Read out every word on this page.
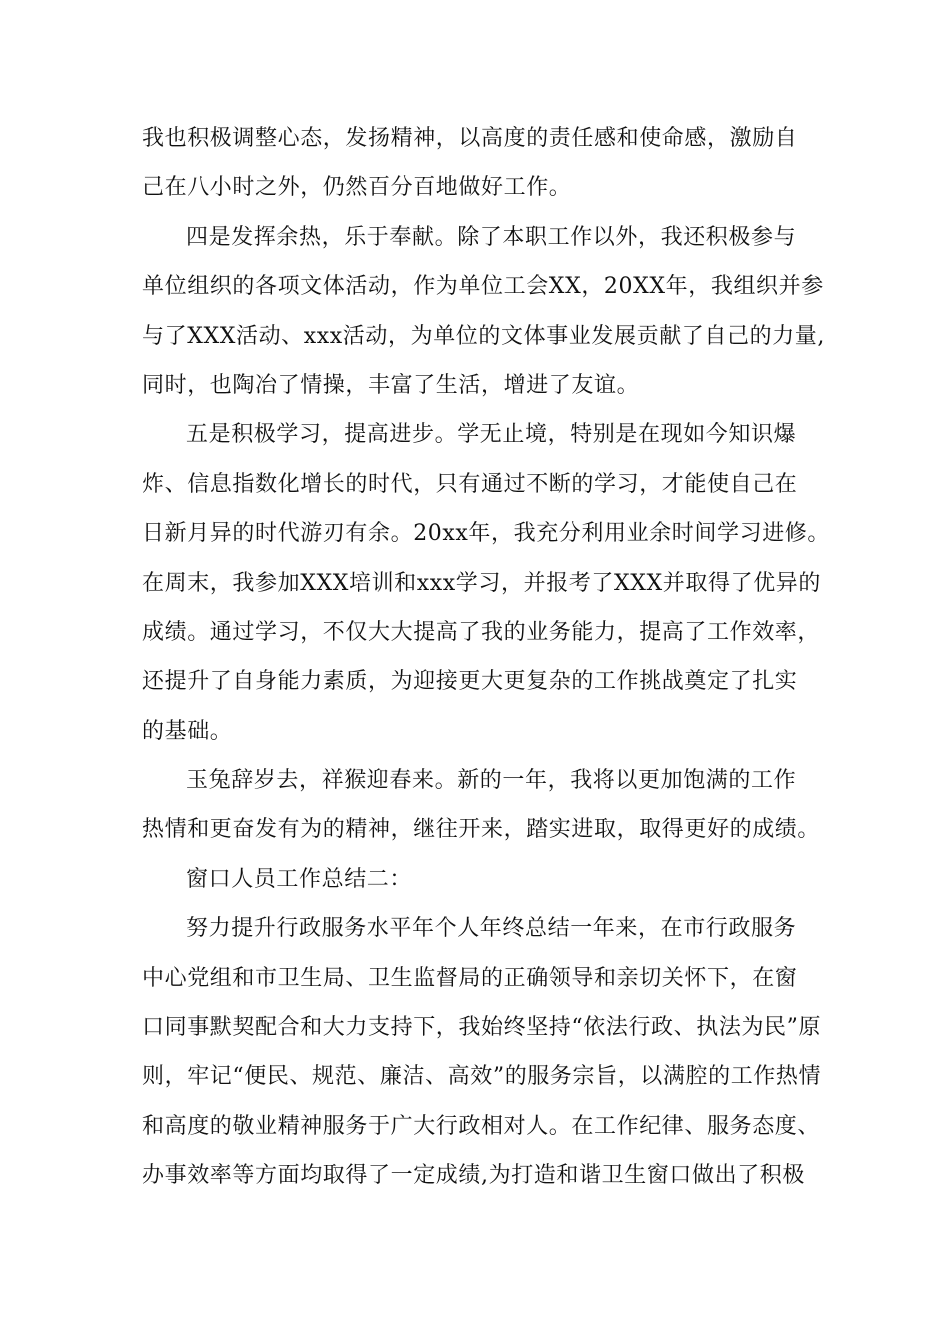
我也积极调整心态，发扬精神，以高度的责任感和使命感，激励自
己在八小时之外，仍然百分百地做好工作。
四是发挥余热，乐于奉献。除了本职工作以外，我还积极参与
单位组织的各项文体活动，作为单位工会XX，20XX年，我组织并参
与了XXX活动、xxx活动，为单位的文体事业发展贡献了自己的力量,
同时，也陶冶了情操，丰富了生活，增进了友谊。
五是积极学习，提高进步。学无止境，特别是在现如今知识爆
炸、信息指数化增长的时代，只有通过不断的学习，才能使自己在
日新月异的时代游刃有余。20xx年，我充分利用业余时间学习进修。
在周末，我参加XXX培训和xxx学习，并报考了XXX并取得了优异的
成绩。通过学习，不仅大大提高了我的业务能力，提高了工作效率，
还提升了自身能力素质，为迎接更大更复杂的工作挑战奠定了扎实
的基础。
玉兔辞岁去，祥猴迎春来。新的一年，我将以更加饱满的工作
热情和更奋发有为的精神，继往开来，踏实进取，取得更好的成绩。
窗口人员工作总结二：
努力提升行政服务水平年个人年终总结一年来，在市行政服务
中心党组和市卫生局、卫生监督局的正确领导和亲切关怀下，在窗
口同事默契配合和大力支持下，我始终坚持“依法行政、执法为民”原
则，牢记“便民、规范、廉洁、高效”的服务宗旨，以满腔的工作热情
和高度的敬业精神服务于广大行政相对人。在工作纪律、服务态度、
办事效率等方面均取得了一定成绩,为打造和谐卫生窗口做出了积极
